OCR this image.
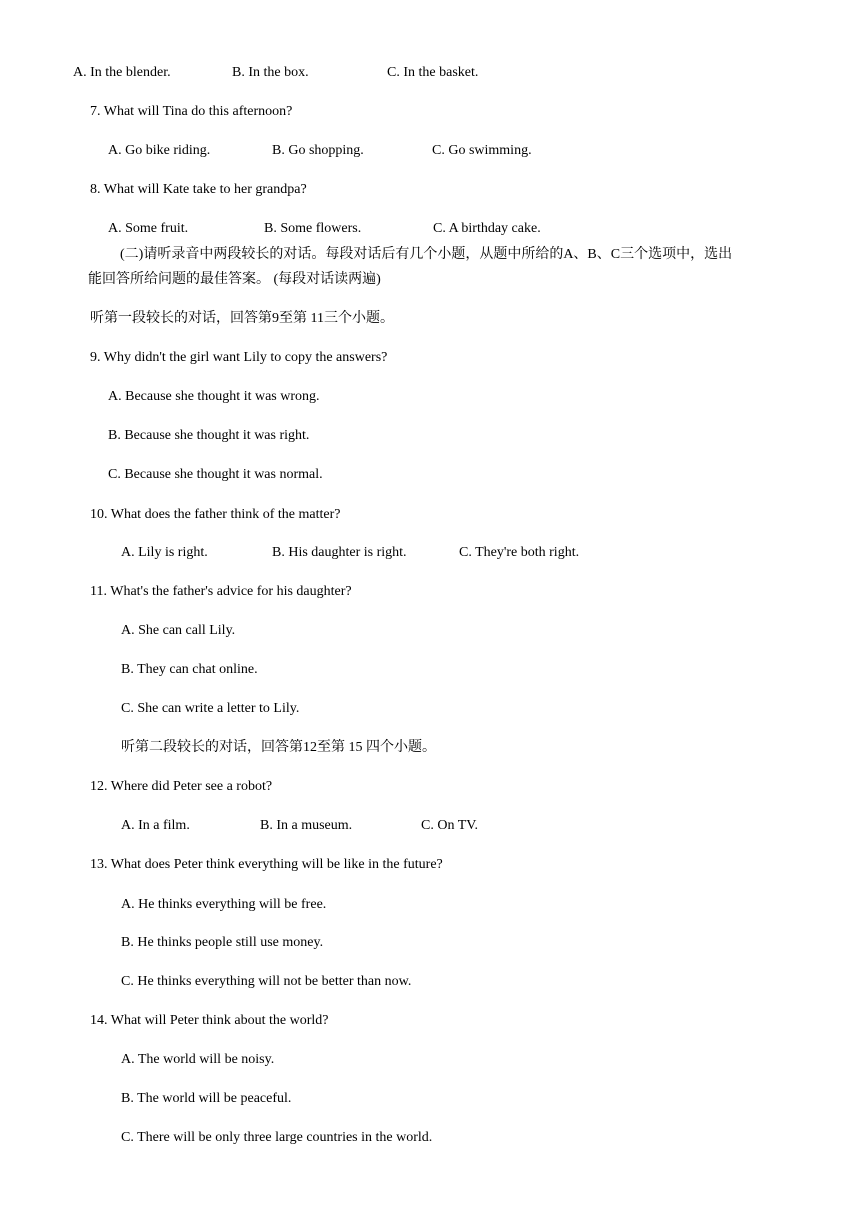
A. In the blender.	B. In the box.	C. In the basket.
7. What will Tina do this afternoon?
A. Go bike riding.	B. Go shopping.	C. Go swimming.
8. What will Kate take to her grandpa?
A. Some fruit.	B. Some flowers.	C. A birthday cake.
(二)请听录音中两段较长的对话。每段对话后有几个小题，从题中所给的A、B、C三个选项中，选出
能回答所给问题的最佳答案。 (每段对话读两遍)
听第一段较长的对话，回答第9至第 11三个小题。
9. Why didn't the girl want Lily to copy the answers?
A. Because she thought it was wrong.
B. Because she thought it was right.
C. Because she thought it was normal.
10. What does the father think of the matter?
A. Lily is right.	B. His daughter is right.	C. They're both right.
11. What's the father's advice for his daughter?
A. She can call Lily.
B. They can chat online.
C. She can write a letter to Lily.
听第二段较长的对话，回答第12至第 15 四个小题。
12. Where did Peter see a robot?
A. In a film.	B. In a museum.	C. On TV.
13. What does Peter think everything will be like in the future?
A. He thinks everything will be free.
B. He thinks people still use money.
C. He thinks everything will not be better than now.
14. What will Peter think about the world?
A. The world will be noisy.
B. The world will be peaceful.
C. There will be only three large countries in the world.
